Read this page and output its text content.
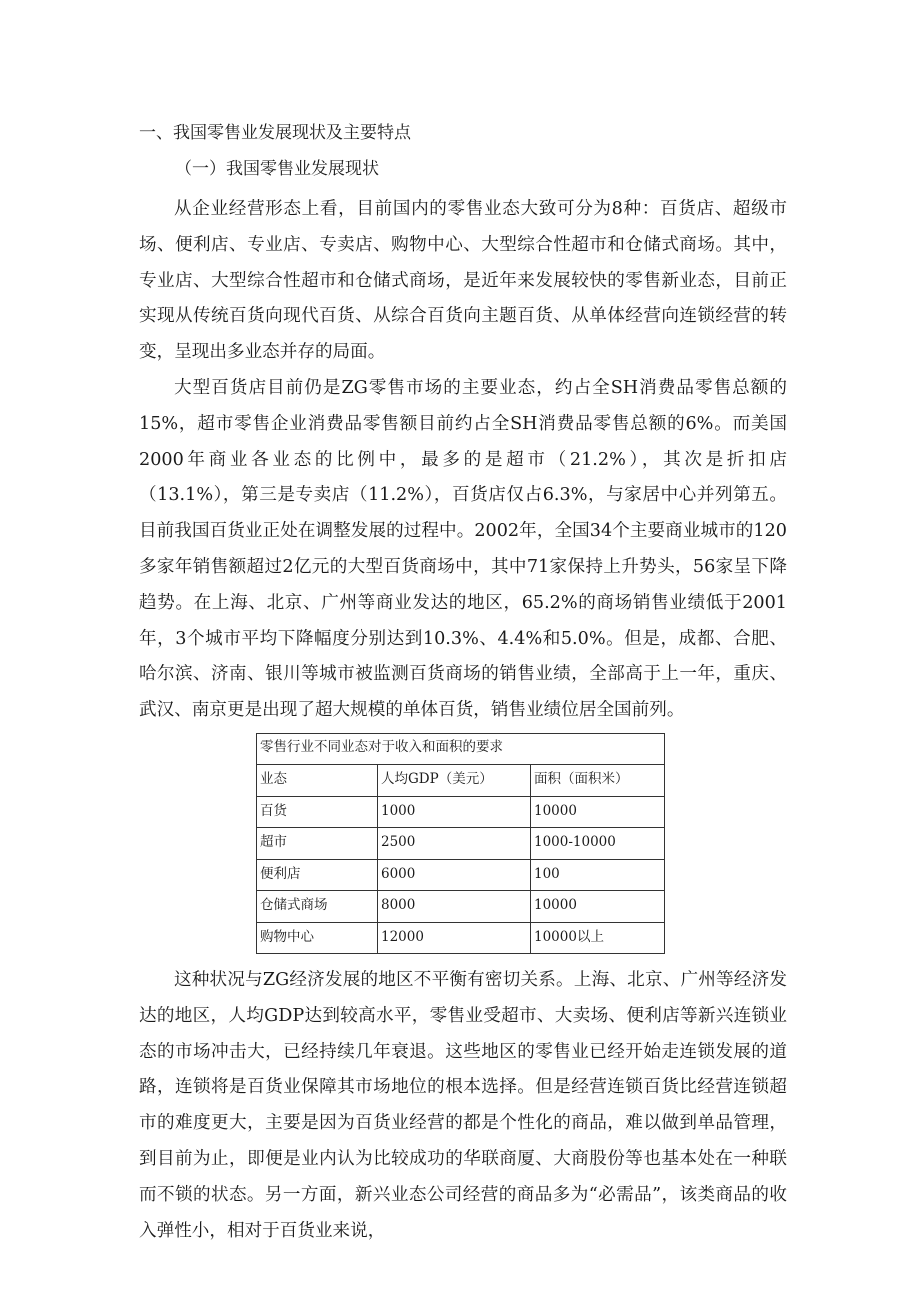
一、我国零售业发展现状及主要特点
（一）我国零售业发展现状

从企业经营形态上看，目前国内的零售业态大致可分为8种：百货店、超级市场、便利店、专业店、专卖店、购物中心、大型综合性超市和仓储式商场。其中，专业店、大型综合性超市和仓储式商场，是近年来发展较快的零售新业态，目前正实现从传统百货向现代百货、从综合百货向主题百货、从单体经营向连锁经营的转变，呈现出多业态并存的局面。

大型百货店目前仍是ZG零售市场的主要业态，约占全SH消费品零售总额的15%，超市零售企业消费品零售额目前约占全SH消费品零售总额的6%。而美国2000年商业各业态的比例中，最多的是超市（21.2%），其次是折扣店（13.1%），第三是专卖店（11.2%），百货店仅占6.3%，与家居中心并列第五。目前我国百货业正处在调整发展的过程中。2002年，全国34个主要商业城市的120多家年销售额超过2亿元的大型百货商场中，其中71家保持上升势头，56家呈下降趋势。在上海、北京、广州等商业发达的地区，65.2%的商场销售业绩低于2001年，3个城市平均下降幅度分别达到10.3%、4.4%和5.0%。但是，成都、合肥、哈尔滨、济南、银川等城市被监测百货商场的销售业绩，全部高于上一年，重庆、武汉、南京更是出现了超大规模的单体百货，销售业绩位居全国前列。

零售行业不同业态对于收入和面积的要求		
业态	人均GDP（美元）	面积（面积米）
百货	1000	10000
超市	2500	1000-10000
便利店	6000	100
仓储式商场	8000	10000
购物中心	12000	10000以上

这种状况与ZG经济发展的地区不平衡有密切关系。上海、北京、广州等经济发达的地区，人均GDP达到较高水平，零售业受超市、大卖场、便利店等新兴连锁业态的市场冲击大，已经持续几年衰退。这些地区的零售业已经开始走连锁发展的道路，连锁将是百货业保障其市场地位的根本选择。但是经营连锁百货比经营连锁超市的难度更大，主要是因为百货业经营的都是个性化的商品，难以做到单品管理，到目前为止，即便是业内认为比较成功的华联商厦、大商股份等也基本处在一种联而不锁的状态。另一方面，新兴业态公司经营的商品多为“必需品”，该类商品的收入弹性小，相对于百货业来说，
